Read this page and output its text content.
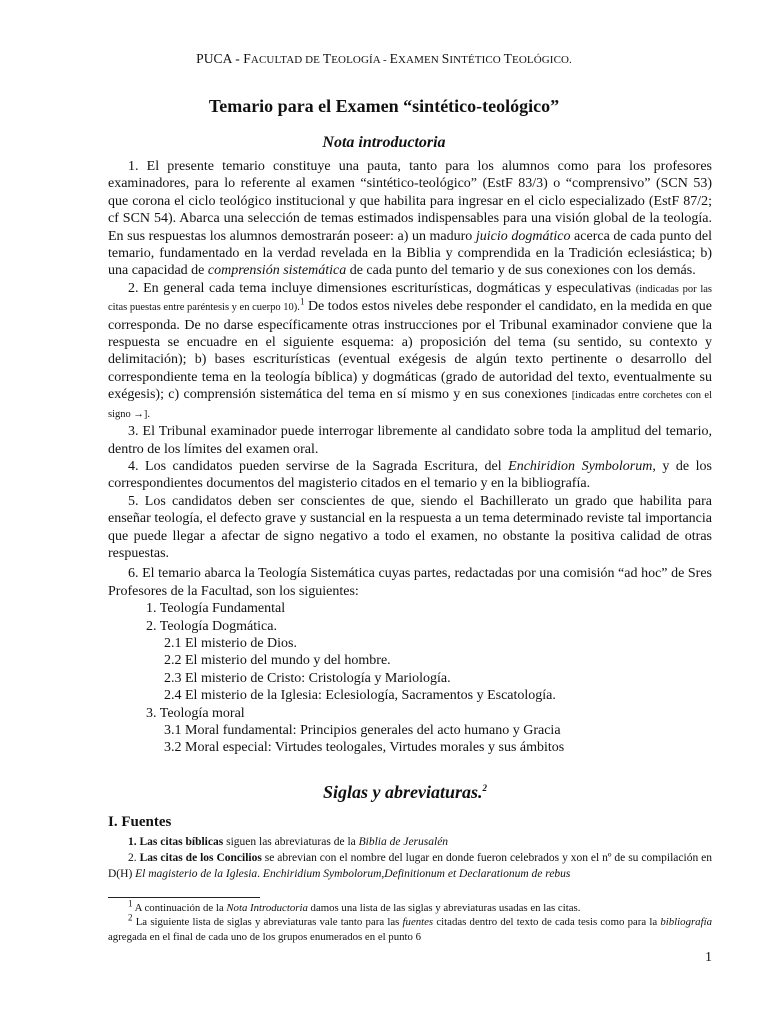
PUCA - FACULTAD DE TEOLOGÍA - EXAMEN SINTÉTICO TEOLÓGICO.
Temario para el Examen “sintético-teológico”
Nota introductoria

1. El presente temario constituye una pauta, tanto para los alumnos como para los profesores examinadores, para lo referente al examen “sintético-teológico” (EstF 83/3) o “comprensivo” (SCN 53) que corona el ciclo teológico institucional y que habilita para ingresar en el ciclo especializado (EstF 87/2; cf SCN 54). Abarca una selección de temas estimados indispensables para una visión global de la teología. En sus respuestas los alumnos demostrarán poseer: a) un maduro juicio dogmático acerca de cada punto del temario, fundamentado en la verdad revelada en la Biblia y comprendida en la Tradición eclesiástica; b) una capacidad de comprensión sistemática de cada punto del temario y de sus conexiones con los demás.

2. En general cada tema incluye dimensiones escriturísticas, dogmáticas y especulativas (indicadas por las citas puestas entre paréntesis y en cuerpo 10).$^1$ De todos estos niveles debe responder el candidato, en la medida en que corresponda. De no darse específicamente otras instrucciones por el Tribunal examinador conviene que la respuesta se encuadre en el siguiente esquema: a) proposición del tema (su sentido, su contexto y delimitación); b) bases escriturísticas (eventual exégesis de algún texto pertinente o desarrollo del correspondiente tema en la teología bíblica) y dogmáticas (grado de autoridad del texto, eventualmente su exégesis); c) comprensión sistemática del tema en sí mismo y en sus conexiones [indicadas entre corchetes con el signo →].

3. El Tribunal examinador puede interrogar libremente al candidato sobre toda la amplitud del temario, dentro de los límites del examen oral.

4. Los candidatos pueden servirse de la Sagrada Escritura, del Enchiridion Symbolorum, y de los correspondientes documentos del magisterio citados en el temario y en la bibliografía.

5. Los candidatos deben ser conscientes de que, siendo el Bachillerato un grado que habilita para enseñar teología, el defecto grave y sustancial en la respuesta a un tema determinado reviste tal importancia que puede llegar a afectar de signo negativo a todo el examen, no obstante la positiva calidad de otras respuestas.

6. El temario abarca la Teología Sistemática cuyas partes, redactadas por una comisión “ad hoc” de Sres Profesores de la Facultad, son los siguientes:

1. Teología Fundamental
2. Teología Dogmática.
2.1 El misterio de Dios.
2.2 El misterio del mundo y del hombre.
2.3 El misterio de Cristo: Cristología y Mariología.
2.4 El misterio de la Iglesia: Eclesiología, Sacramentos y Escatología.
3. Teología moral
3.1 Moral fundamental: Principios generales del acto humano y Gracia
3.2 Moral especial: Virtudes teologales, Virtudes morales y sus ámbitos
Siglas y abreviaturas.$^2$
I. Fuentes
1. Las citas bíblicas siguen las abreviaturas de la Biblia de Jerusalén
2. Las citas de los Concilios se abrevian con el nombre del lugar en donde fueron celebrados y xon el nº de su compilación en D(H) El magisterio de la Iglesia. Enchiridium Symbolorum,Definitionum et Declarationum de rebus
$^1$ A continuación de la Nota Introductoria damos una lista de las siglas y abreviaturas usadas en las citas.
$^2$ La siguiente lista de siglas y abreviaturas vale tanto para las fuentes citadas dentro del texto de cada tesis como para la bibliografía agregada en el final de cada uno de los grupos enumerados en el punto 6
1
